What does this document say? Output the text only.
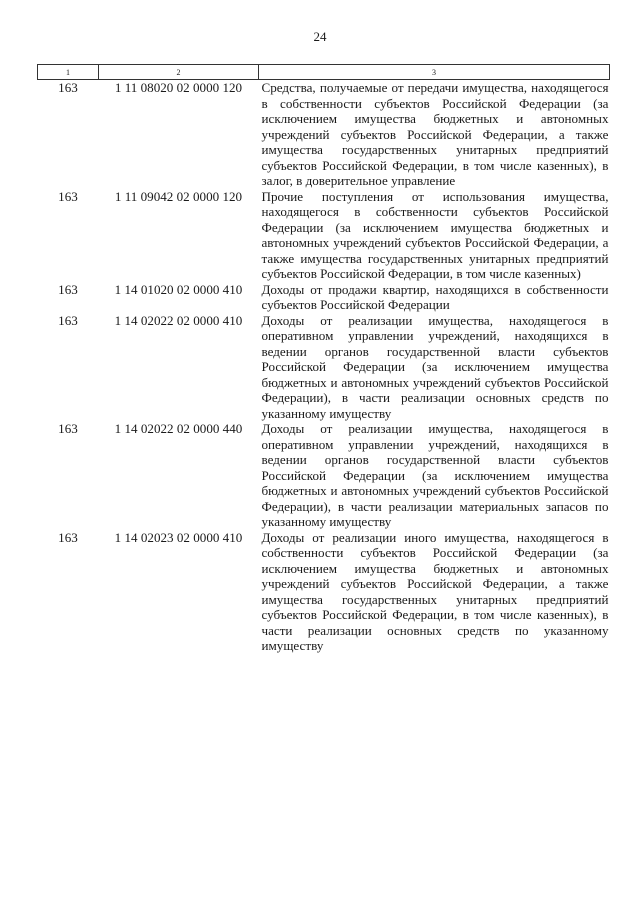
24
1	2	3
163	1 11 08020 02 0000 120	Средства, получаемые от передачи имущества, находящегося в собственности субъектов Российской Федерации (за исключением имущества бюджетных и автономных учреждений субъектов Российской Федерации, а также имущества государственных унитарных предприятий субъектов Российской Федерации, в том числе казенных), в залог, в доверительное управление
163	1 11 09042 02 0000 120	Прочие поступления от использования имущества, находящегося в собственности субъектов Российской Федерации (за исключением имущества бюджетных и автономных учреждений субъектов Российской Федерации, а также имущества государственных унитарных предприятий субъектов Российской Федерации, в том числе казенных)
163	1 14 01020 02 0000 410	Доходы от продажи квартир, находящихся в собственности субъектов Российской Федерации
163	1 14 02022 02 0000 410	Доходы от реализации имущества, находящегося в оперативном управлении учреждений, находящихся в ведении органов государственной власти субъектов Российской Федерации (за исключением имущества бюджетных и автономных учреждений субъектов Российской Федерации), в части реализации основных средств по указанному имуществу
163	1 14 02022 02 0000 440	Доходы от реализации имущества, находящегося в оперативном управлении учреждений, находящихся в ведении органов государственной власти субъектов Российской Федерации (за исключением имущества бюджетных и автономных учреждений субъектов Российской Федерации), в части реализации материальных запасов по указанному имуществу
163	1 14 02023 02 0000 410	Доходы от реализации иного имущества, находящегося в собственности субъектов Российской Федерации (за исключением имущества бюджетных и автономных учреждений субъектов Российской Федерации, а также имущества государственных унитарных предприятий субъектов Российской Федерации, в том числе казенных), в части реализации основных средств по указанному имуществу
